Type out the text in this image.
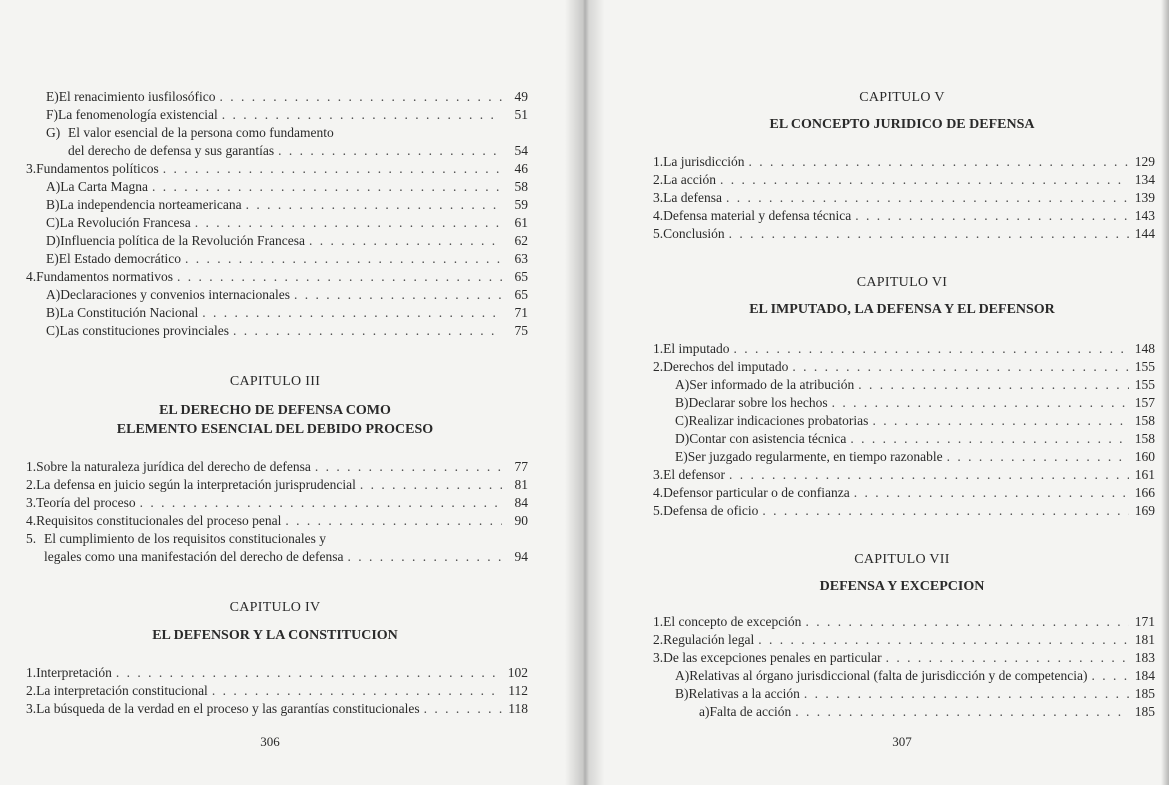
E) El renacimiento iusfilosófico . . .	49
F) La fenomenología existencial . . .	51
G) El valor esencial de la persona como fundamento
del derecho de defensa y sus garantías . . .	54
3. Fundamentos políticos . . .	46
A) La Carta Magna . . .	58
B) La independencia norteamericana . . .	59
C) La Revolución Francesa . . .	61
D) Influencia política de la Revolución Francesa . . .	62
E) El Estado democrático . . .	63
4. Fundamentos normativos . . .	65
A) Declaraciones y convenios internacionales . . .	65
B) La Constitución Nacional . . .	71
C) Las constituciones provinciales . . .	75
CAPITULO III
EL DERECHO DE DEFENSA COMO
ELEMENTO ESENCIAL DEL DEBIDO PROCESO
1. Sobre la naturaleza jurídica del derecho de defensa . . .	77
2. La defensa en juicio según la interpretación jurisprudencial . . .	81
3. Teoría del proceso . . .	84
4. Requisitos constitucionales del proceso penal . . .	90
5. El cumplimiento de los requisitos constitucionales y
legales como una manifestación del derecho de defensa . . .	94
CAPITULO IV
EL DEFENSOR Y LA CONSTITUCION
1. Interpretación . . .	102
2. La interpretación constitucional . . .	112
3. La búsqueda de la verdad en el proceso y las garantías constitucionales . . .	118
306
CAPITULO V
EL CONCEPTO JURIDICO DE DEFENSA
1. La jurisdicción . . .	129
2. La acción . . .	134
3. La defensa . . .	139
4. Defensa material y defensa técnica . . .	143
5. Conclusión . . .	144
CAPITULO VI
EL IMPUTADO, LA DEFENSA Y EL DEFENSOR
1. El imputado . . .	148
2. Derechos del imputado . . .	155
A) Ser informado de la atribución . . .	155
B) Declarar sobre los hechos . . .	157
C) Realizar indicaciones probatorias . . .	158
D) Contar con asistencia técnica . . .	158
E) Ser juzgado regularmente, en tiempo razonable . . .	160
3. El defensor . . .	161
4. Defensor particular o de confianza . . .	166
5. Defensa de oficio . . .	169
CAPITULO VII
DEFENSA Y EXCEPCION
1. El concepto de excepción . . .	171
2. Regulación legal . . .	181
3. De las excepciones penales en particular . . .	183
A) Relativas al órgano jurisdiccional (falta de jurisdicción y de competencia) . . .	184
B) Relativas a la acción . . .	185
a) Falta de acción . . .	185
307
